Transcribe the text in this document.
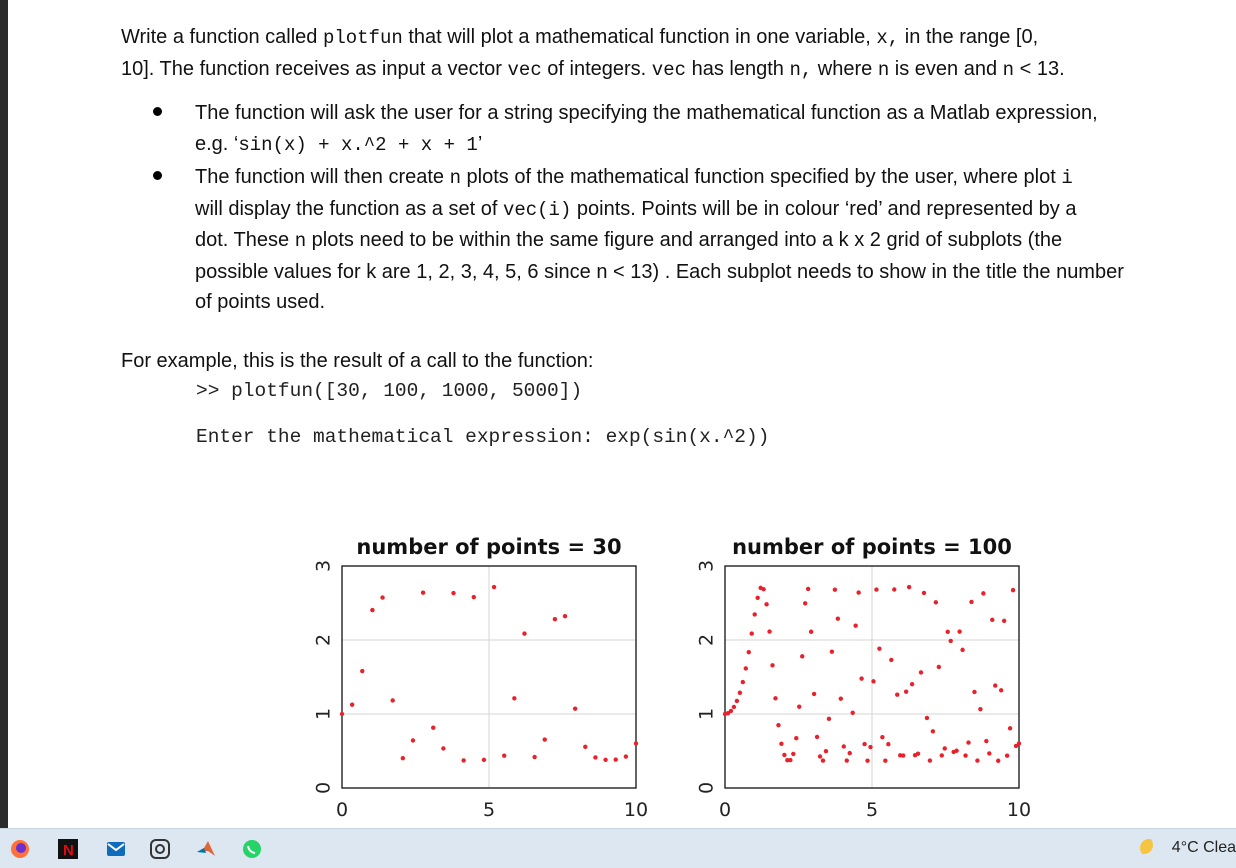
Write a function called plotfun that will plot a mathematical function in one variable, x, in the range [0,
10]. The function receives as input a vector vec of integers. vec has length n, where n is even and n < 13.

The function will ask the user for a string specifying the mathematical function as a Matlab expression,
e.g. ‘sin(x) + x.^2 + x + 1’
The function will then create n plots of the mathematical function specified by the user, where plot i
will display the function as a set of vec(i) points. Points will be in colour ‘red’ and represented by a
dot. These n plots need to be within the same figure and arranged into a k x 2 grid of subplots (the
possible values for k are 1, 2, 3, 4, 5, 6 since n < 13) . Each subplot needs to show in the title the number
of points used.

For example, this is the result of a call to the function:

>> plotfun([30, 100, 1000, 5000])
Enter the mathematical expression: exp(sin(x.^2))
0	5	10
0
1
2
3
number of points = 30
0	5	10
0
1
2
3
number of points = 100
N	4°C Clea
